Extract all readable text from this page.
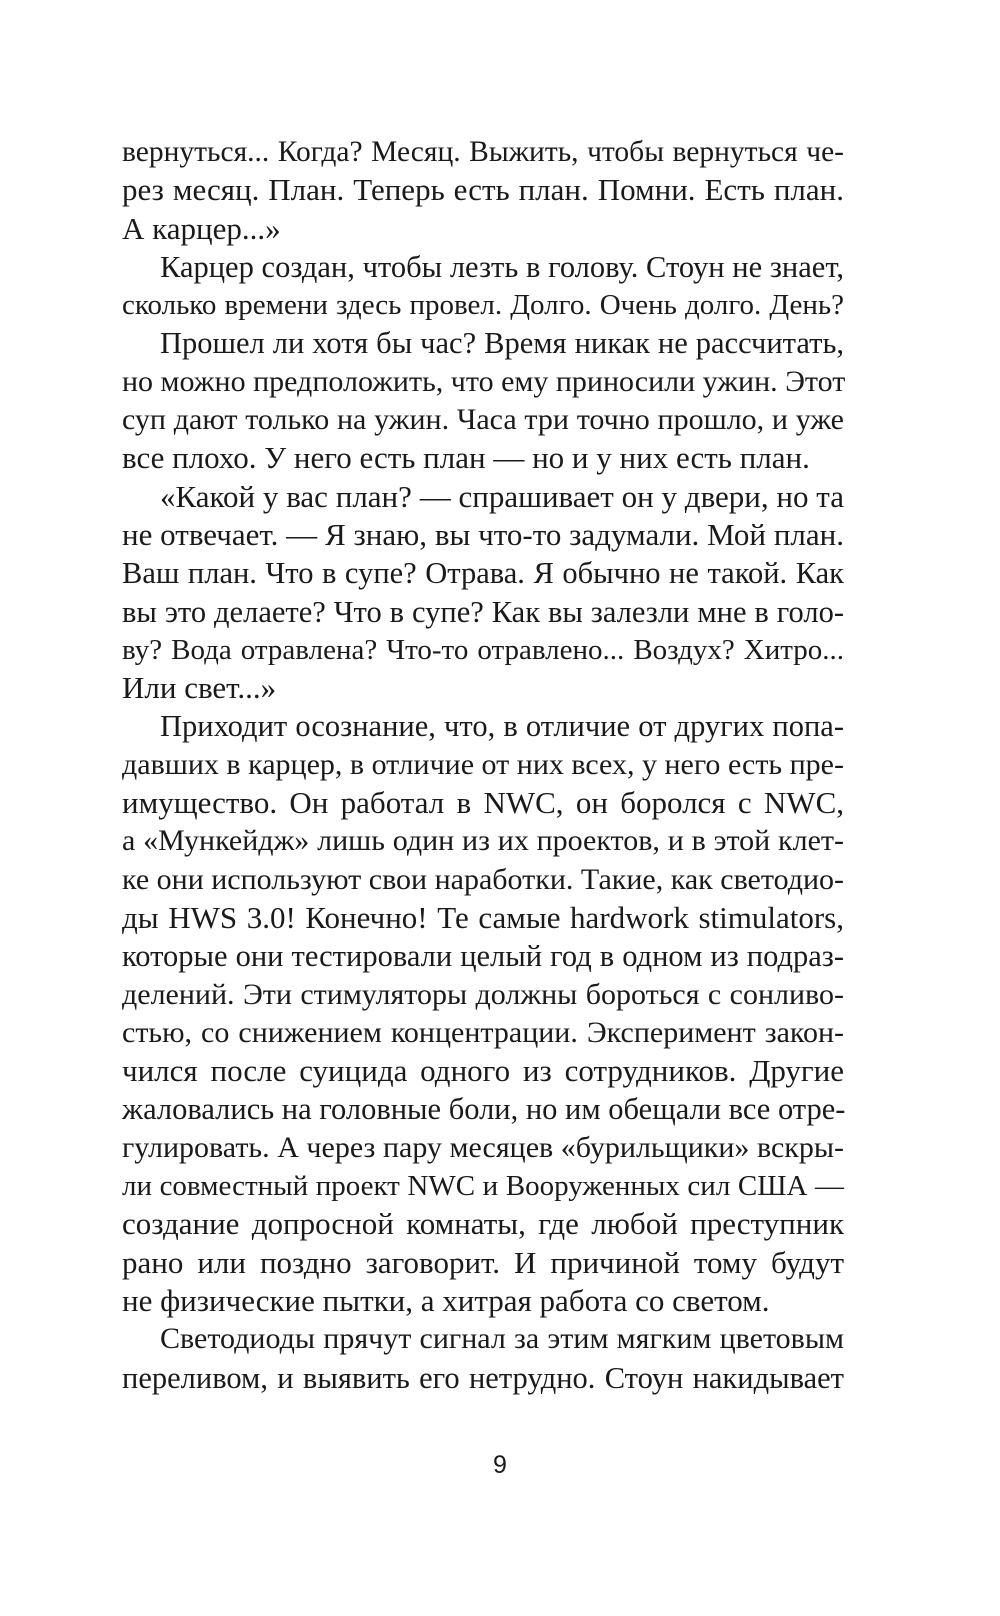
вернуться... Когда? Месяц. Выжить, чтобы вернуться че-
рез месяц. План. Теперь есть план. Помни. Есть план.
А карцер...»
Карцер создан, чтобы лезть в голову. Стоун не знает,
сколько времени здесь провел. Долго. Очень долго. День?
Прошел ли хотя бы час? Время никак не рассчитать,
но можно предположить, что ему приносили ужин. Этот
суп дают только на ужин. Часа три точно прошло, и уже
все плохо. У него есть план — но и у них есть план.
«Какой у вас план? — спрашивает он у двери, но та
не отвечает. — Я знаю, вы что-то задумали. Мой план.
Ваш план. Что в супе? Отрава. Я обычно не такой. Как
вы это делаете? Что в супе? Как вы залезли мне в голо-
ву? Вода отравлена? Что-то отравлено... Воздух? Хитро...
Или свет...»
Приходит осознание, что, в отличие от других попа-
давших в карцер, в отличие от них всех, у него есть пре-
имущество. Он работал в NWC, он боролся с NWC,
а «Мункейдж» лишь один из их проектов, и в этой клет-
ке они используют свои наработки. Такие, как светодио-
ды HWS 3.0! Конечно! Те самые hardwork stimulators,
которые они тестировали целый год в одном из подраз-
делений. Эти стимуляторы должны бороться с сонливо-
стью, со снижением концентрации. Эксперимент закон-
чился после суицида одного из сотрудников. Другие
жаловались на головные боли, но им обещали все отре-
гулировать. А через пару месяцев «бурильщики» вскры-
ли совместный проект NWC и Вооруженных сил США —
создание допросной комнаты, где любой преступник
рано или поздно заговорит. И причиной тому будут
не физические пытки, а хитрая работа со светом.
Светодиоды прячут сигнал за этим мягким цветовым
переливом, и выявить его нетрудно. Стоун накидывает
9
